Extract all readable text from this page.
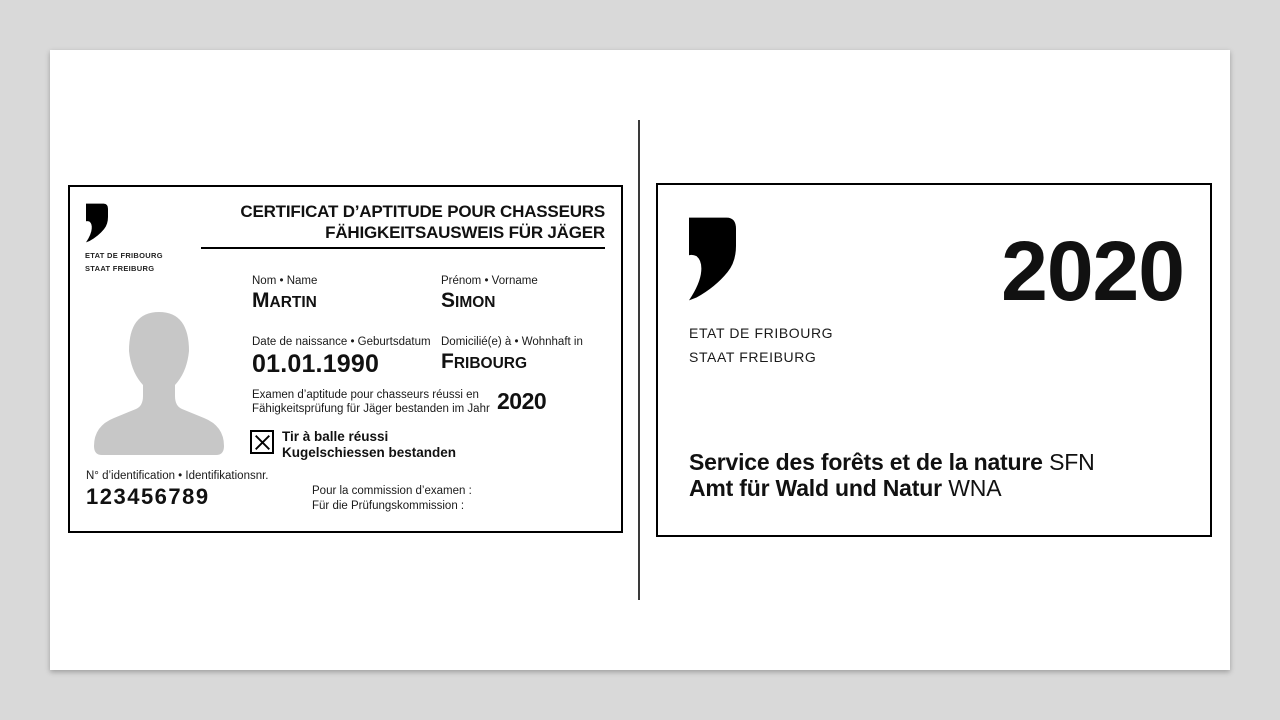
ETAT DE FRIBOURG
STAAT FREIBURG
CERTIFICAT D’APTITUDE POUR CHASSEURS
FÄHIGKEITSAUSWEIS FÜR JÄGER
Nom • Name	Prénom • Vorname
MARTIN	SIMON
Date de naissance • Geburtsdatum Domicilié(e) à • Wohnhaft in
01.01.1990	FRIBOURG
Examen d’aptitude pour chasseurs réussi en
Fähigkeitsprüfung für Jäger bestanden im Jahr 2020
Tir à balle réussi
Kugelschiessen bestanden
N° d’identification • Identifikationsnr.
123456789	Pour la commission d’examen :
Für die Prüfungskommission :
ETAT DE FRIBOURG
STAAT FREIBURG
2020
Service des forêts et de la nature SFN
Amt für Wald und Natur WNA
